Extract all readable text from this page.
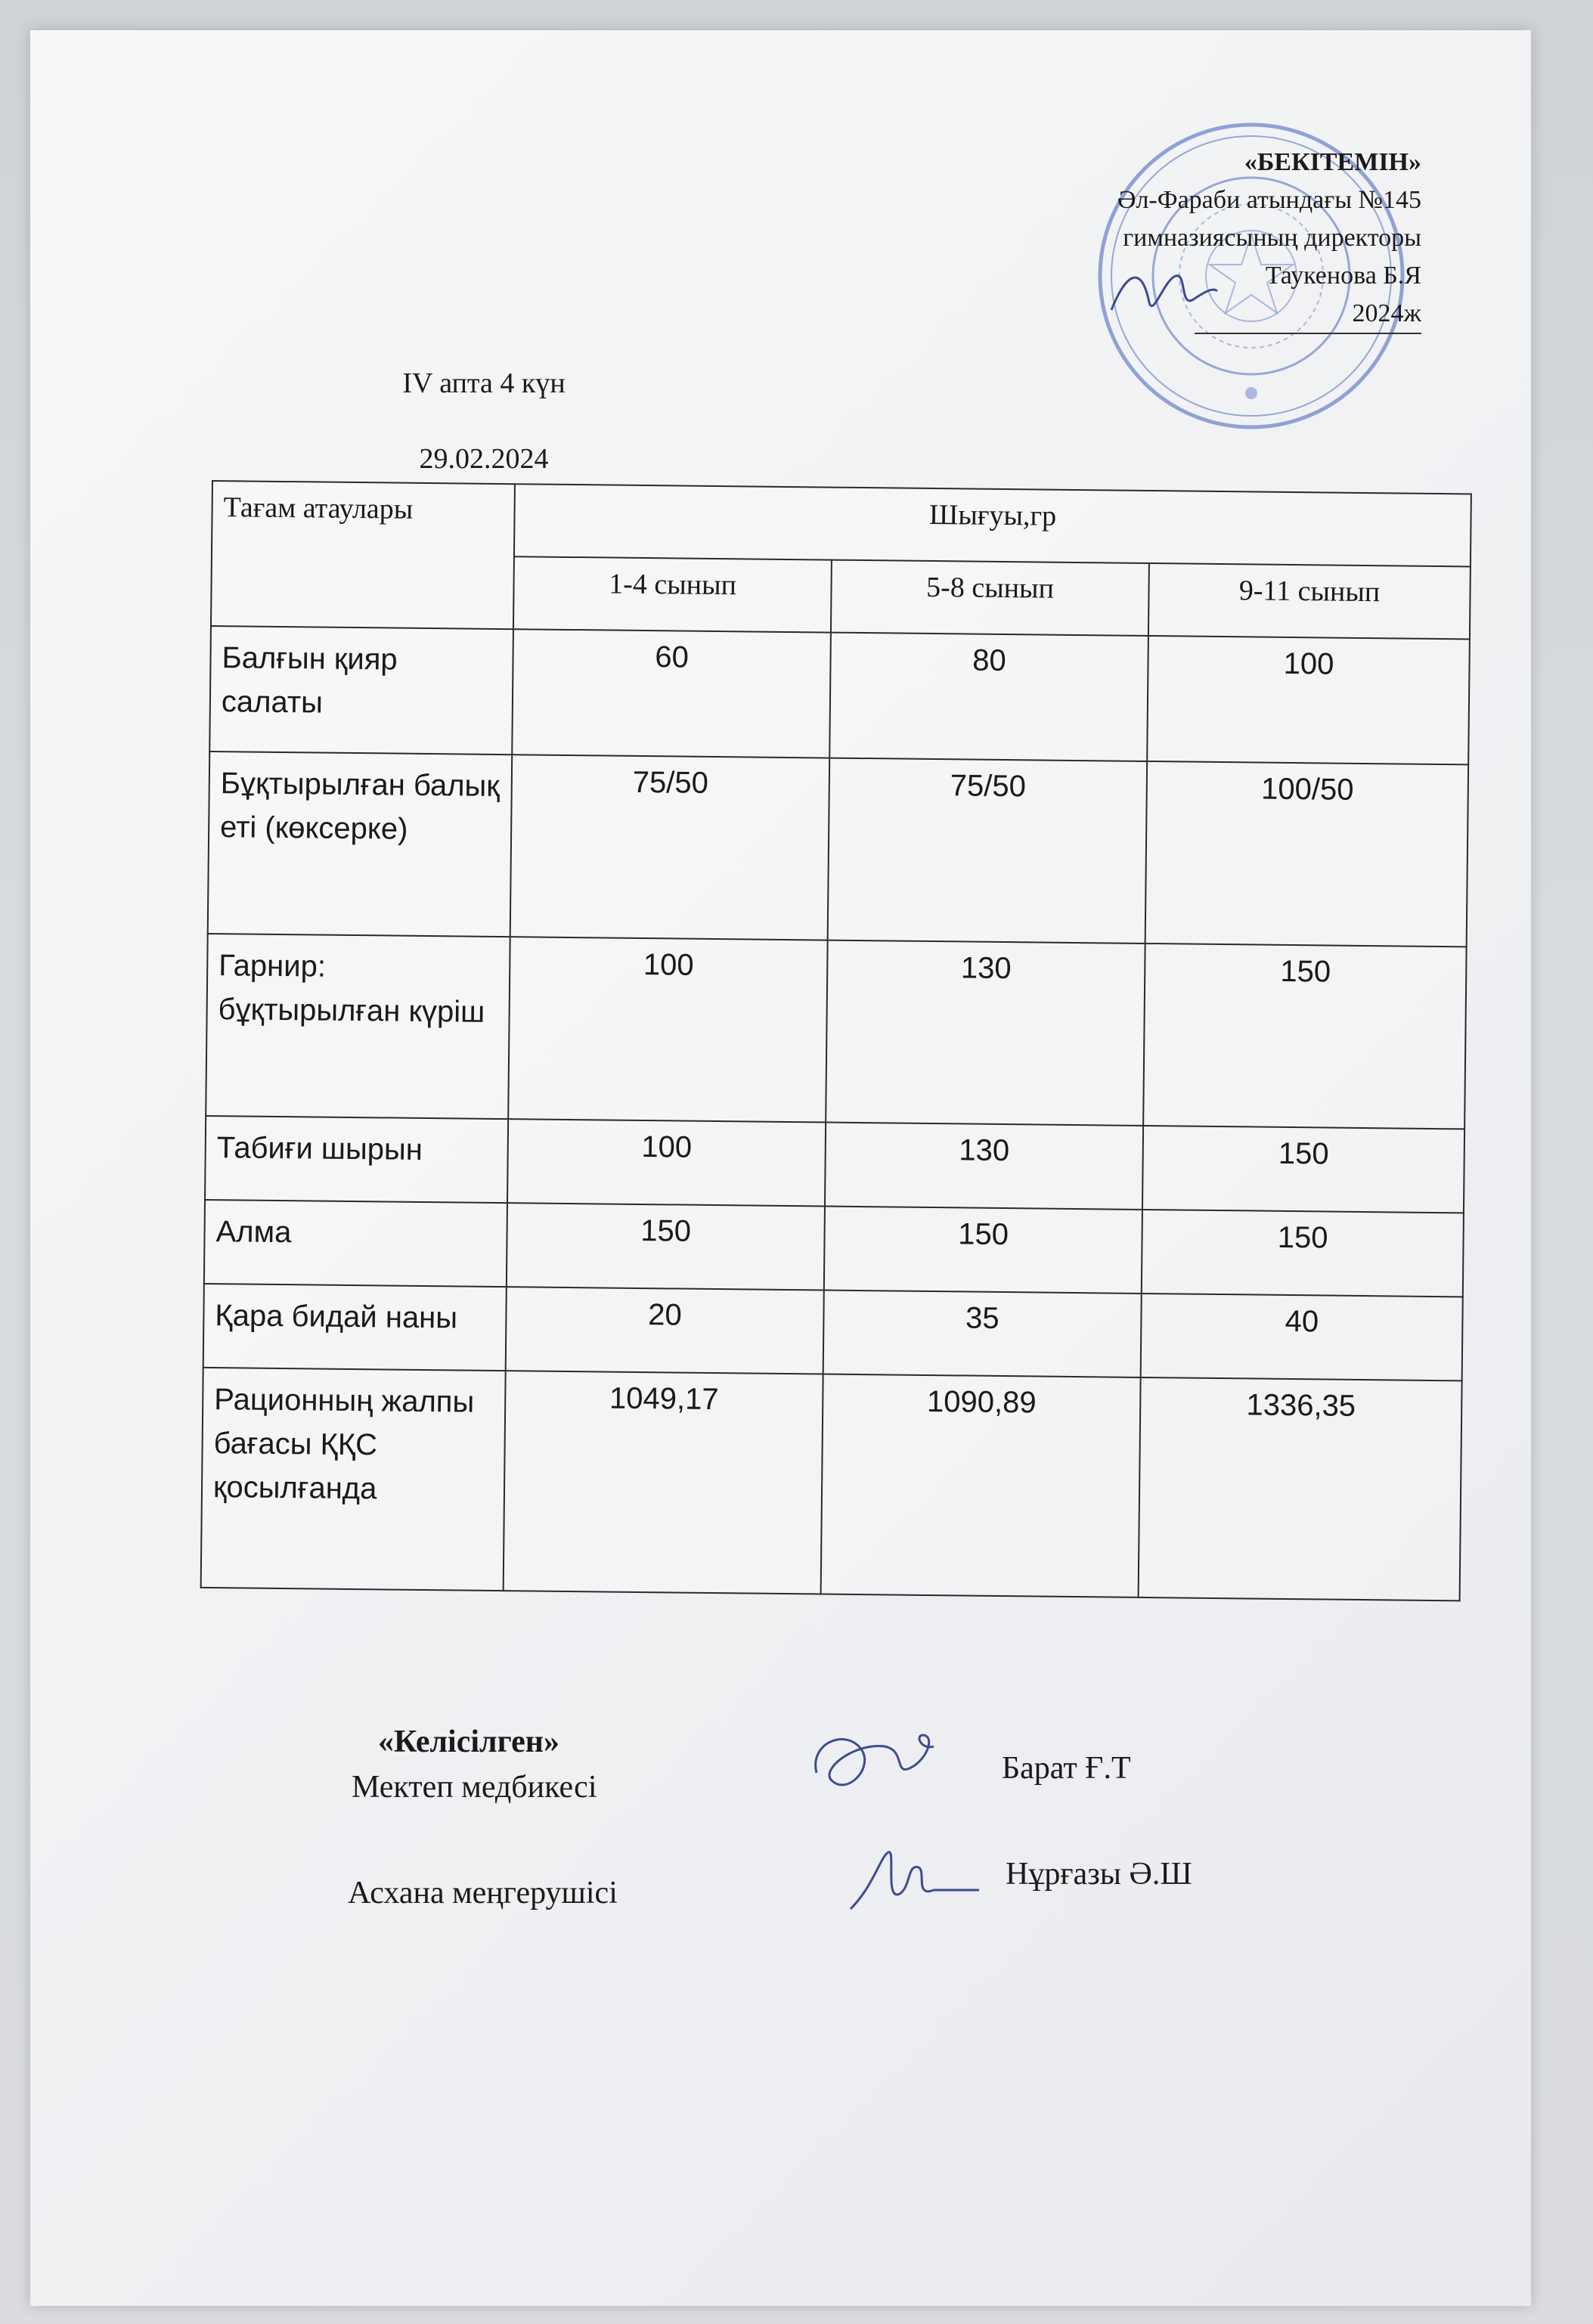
«БЕКІТЕМІН»
Әл-Фараби атындағы №145
гимназиясының директоры
Таукенова Б.Я
2024ж
IV апта 4 күн
29.02.2024
Тағам атаулары	Шығуы,гр		
	1-4 сынып	5-8 сынып	9-11 сынып
Балғын қияр салаты	60	80	100
Бұқтырылған балық еті (көксерке)	75/50	75/50	100/50
Гарнир: бұқтырылған күріш	100	130	150
Табиғи шырын	100	130	150
Алма	150	150	150
Қара бидай наны	20	35	40
Рационның жалпы бағасы ҚҚС қосылғанда	1049,17	1090,89	1336,35
«Келісілген»
Мектеп медбикесі
Барат Ғ.Т
Асхана меңгерушісі
Нұрғазы Ә.Ш
